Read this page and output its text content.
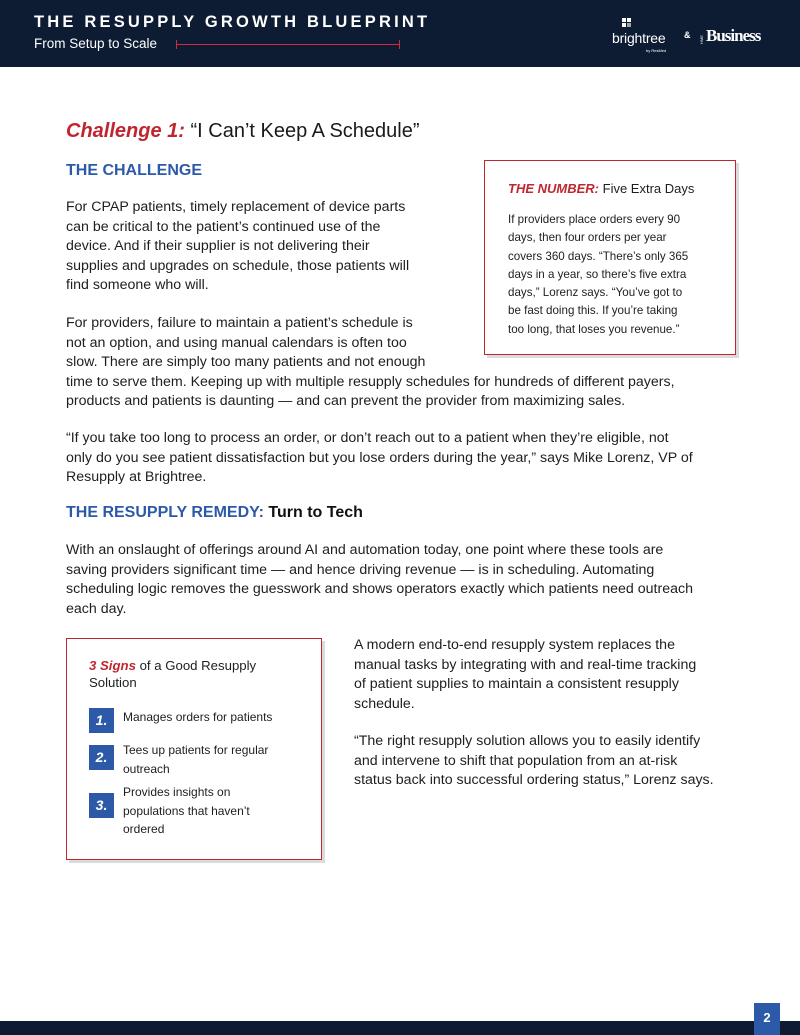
THE RESUPPLY GROWTH BLUEPRINT
From Setup to Scale	brightree
by ResMed
& HME Business
Challenge 1: “I Can’t Keep A Schedule”
THE CHALLENGE
For CPAP patients, timely replacement of device parts
can be critical to the patient’s continued use of the
device. And if their supplier is not delivering their
supplies and upgrades on schedule, those patients will
find someone who will.
For providers, failure to maintain a patient’s schedule is
not an option, and using manual calendars is often too
slow. There are simply too many patients and not enough
time to serve them. Keeping up with multiple resupply schedules for hundreds of different payers,
products and patients is daunting — and can prevent the provider from maximizing sales.
“If you take too long to process an order, or don’t reach out to a patient when they’re eligible, not
only do you see patient dissatisfaction but you lose orders during the year,” says Mike Lorenz, VP of
Resupply at Brightree.
THE NUMBER: Five Extra Days
If providers place orders every 90
days, then four orders per year
covers 360 days. “There’s only 365
days in a year, so there’s five extra
days,” Lorenz says. “You’ve got to
be fast doing this. If you’re taking
too long, that loses you revenue.”
THE RESUPPLY REMEDY: Turn to Tech
With an onslaught of offerings around AI and automation today, one point where these tools are
saving providers significant time — and hence driving revenue — is in scheduling. Automating
scheduling logic removes the guesswork and shows operators exactly which patients need outreach
each day.
3 Signs of a Good Resupply Solution
1.	Manages orders for patients
2.	Tees up patients for regular outreach
3.
Provides insights on populations that haven’t ordered
A modern end-to-end resupply system replaces the
manual tasks by integrating with and real-time tracking
of patient supplies to maintain a consistent resupply
schedule.
“The right resupply solution allows you to easily identify
and intervene to shift that population from an at-risk
status back into successful ordering status,” Lorenz says.
2
